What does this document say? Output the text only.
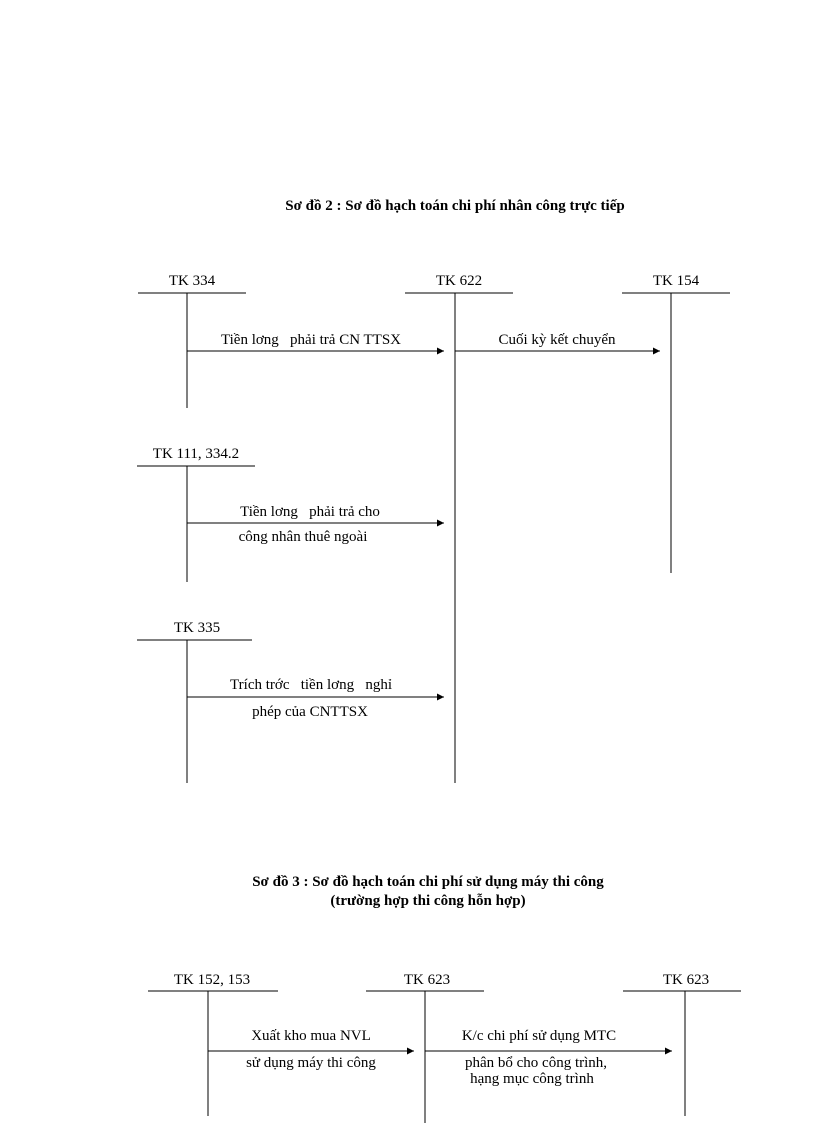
Sơ đồ 2 : Sơ đồ hạch toán chi phí nhân công trực tiếp
TK 334	TK 622	TK 154
Tiền lơng   phải trả CN TTSX	Cuối kỳ kết chuyển
TK 111, 334.2
Tiền lơng   phải trả cho
công nhân thuê ngoài
TK 335
Trích trớc   tiền lơng   nghỉ
phép của CNTTSX
Sơ đồ 3 : Sơ đồ hạch toán chi phí sử dụng máy thi công
(trường hợp thi công hỗn hợp)
TK 152, 153	TK 623	TK 623
Xuất kho mua NVL
sử dụng máy thi công
K/c chi phí sử dụng MTC
phân bổ cho công trình,
hạng mục công trình
